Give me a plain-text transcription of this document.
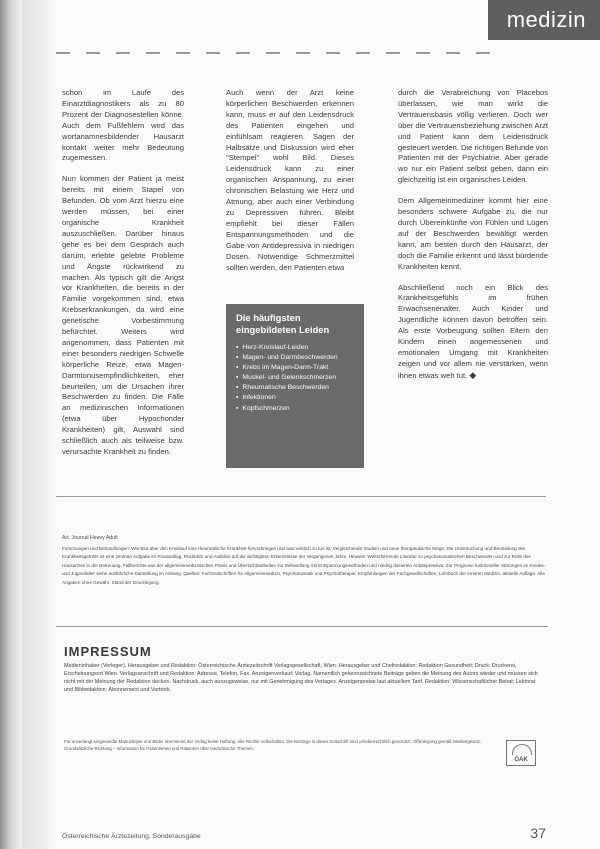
medizin

schon im Laufe des Einarztdiagnostikers als zu 80 Prozent der Diagnosestellen könne. Auch dem Fußfehlern wird das wortanamnesbildender Hausarzt kontakt weiter mehr Bedeutung zugemessen.

Nun kommen der Patient ja meist bereits mit einem Stapel von Befunden. Ob vom Arzt hierzu eine werden müssen, bei einer organische Krankheit auszuschließen. Darüber hinaus gehe es bei dem Gespräch auch darum, erlebte gelebte Probleme und Ängste rückwirkend zu machen. Als typisch gilt die Angst vor Krankheiten, die bereits in der Familie vorgekommen sind, etwa Krebserkrankungen, da wird eine genetische Vorbestimmung befürchtet. Weiters wird angenommen, dass Patienten mit einer besonders niedrigen Schwelle körperliche Reize, etwa Magen-Darmtonusempfindlichkeiten, eher beurteilen, um die Ursachen ihrer Beschwerden zu finden. Die Fälle an medizinischen Informationen (etwa über Hypochonder Krankheiten) gilt, Auswahl sind schließlich auch als teilweise bzw. verursachte Krankheit zu finden.

Auch wenn der Arzt keine körperlichen Beschwerden erkennen kann, muss er auf den Leidensdruck des Patienten eingehen und einfühlsam reagieren. Sagen der Halbsätze und Diskussion wird eher "Stempel" wohl Bild. Dieses Leidensdruck kann zu einer organischen Anspannung, zu einer chronischen Belastung wie Herz und Atmung, aber auch einer Verbindung zu Depressiven führen. Bleibt empfiehlt bei dieser Fällen Entspannungsmethoden und die Gabe von Antidepressiva in niedrigen Dosen. Notwendige Schmerzmittel sollten werden, den Patienten etwa

Die häufigsten eingebildeten Leiden

▪ Herz-Kreislauf-Leiden
▪ Magen- und Darmbeschwerden
▪ Krebs im Magen-Darm-Trakt
▪ Muskel- und Gelenkschmerzen
▪ Rheumatische Beschwerden
▪ Infektionen
▪ Kopfschmerzen

durch die Verabreichung von Placebos überlassen, wie man wirkt die Vertrauensbasis völlig verlieren. Doch wer über die Vertrauensbeziehung zwischen Arzt und Patient kann dem Leidensdruck gesteuert werden. Die richtigen Befunde von Patienten mit der Psychiatrie. Aber gerade wo nur ein Patient selbst geben, dann ein gleichzeitig ist ein organisches Leiden.

Dem Allgemeinmediziner kommt hier eine besonders schwere Aufgabe zu, die nur durch Übereinkünfte von Fühlen und Lügen auf der Beschwerden bewältigt werden kann, am besten durch den Hausarzt, der doch die Familie erkennt und lässt bürdende Krankheiten kennt.

Abschließend noch ein Blick des Krankheitsgefühls im frühen Erwachsenenalter. Auch Kinder und Jugendliche können davon betroffen sein. Als erste Vorbeugung sollten Eltern den Kindern einen angemessenen und emotionalen Umgang mit Krankheiten zeigen und vor allem nie verstärken, wenn ihnen etwas weh tut. ◆

Art. Journal Heavy Adult
Forschungen und Behandlungen: Wie Blut über den Kreislauf eine rheumatische Krankheit hervorbringen und was wirklich zu tun ist. Vergleichende Studien und neue therapeutische Wege. Die Untersuchung und Beurteilung des Krankheitsgefühls ist eine zentrale Aufgabe im Praxisalltag. Rückblick und Ausblick auf die wichtigsten Erkenntnisse der vergangenen Jahre. Hinweis: Weiterführende Literatur zu psychosomatischen Beschwerden und zur Rolle des Hausarztes in der Betreuung, Fallberichte aus der allgemeinmedizinischen Praxis und Übersichtsarbeiten zur Behandlung mit Entspannungsmethoden und niedrig dosierten Antidepressiva. Zur Prognose funktioneller Störungen im Kindes- und Jugendalter siehe ausführliche Darstellung im Anhang. Quellen: Fachzeitschriften für Allgemeinmedizin, Psychosomatik und Psychotherapie; Empfehlungen der Fachgesellschaften; Lehrbuch der Inneren Medizin, aktuelle Auflage. Alle Angaben ohne Gewähr, Stand der Drucklegung.
IMPRESSUM
Medieninhaber (Verleger), Herausgeber und Redaktion: Österreichische Ärztezeitschrift Verlagsgesellschaft, Wien. Herausgeber und Chefredaktion: Redaktion Gesundheit; Druck: Druckerei, Erscheinungsort Wien. Verlagsanschrift und Redaktion: Adresse, Telefon, Fax. Anzeigenverkauf: Verlag. Namentlich gekennzeichnete Beiträge geben die Meinung des Autors wieder und müssen sich nicht mit der Meinung der Redaktion decken. Nachdruck, auch auszugsweise, nur mit Genehmigung des Verlages. Anzeigenpreise laut aktuellem Tarif. Redaktion: Wissenschaftlicher Beirat; Lektorat und Bildredaktion; Abonnement und Vertrieb.
Für unverlangt eingesandte Manuskripte und Bilder übernimmt der Verlag keine Haftung. Alle Rechte vorbehalten. Die Beiträge in dieser Zeitschrift sind urheberrechtlich geschützt. Offenlegung gemäß Mediengesetz: Grundsätzliche Richtung – Information für Patientinnen und Patienten über medizinische Themen.
ÖAK
Österreichische Ärztezeitung, Sonderausgabe	37
